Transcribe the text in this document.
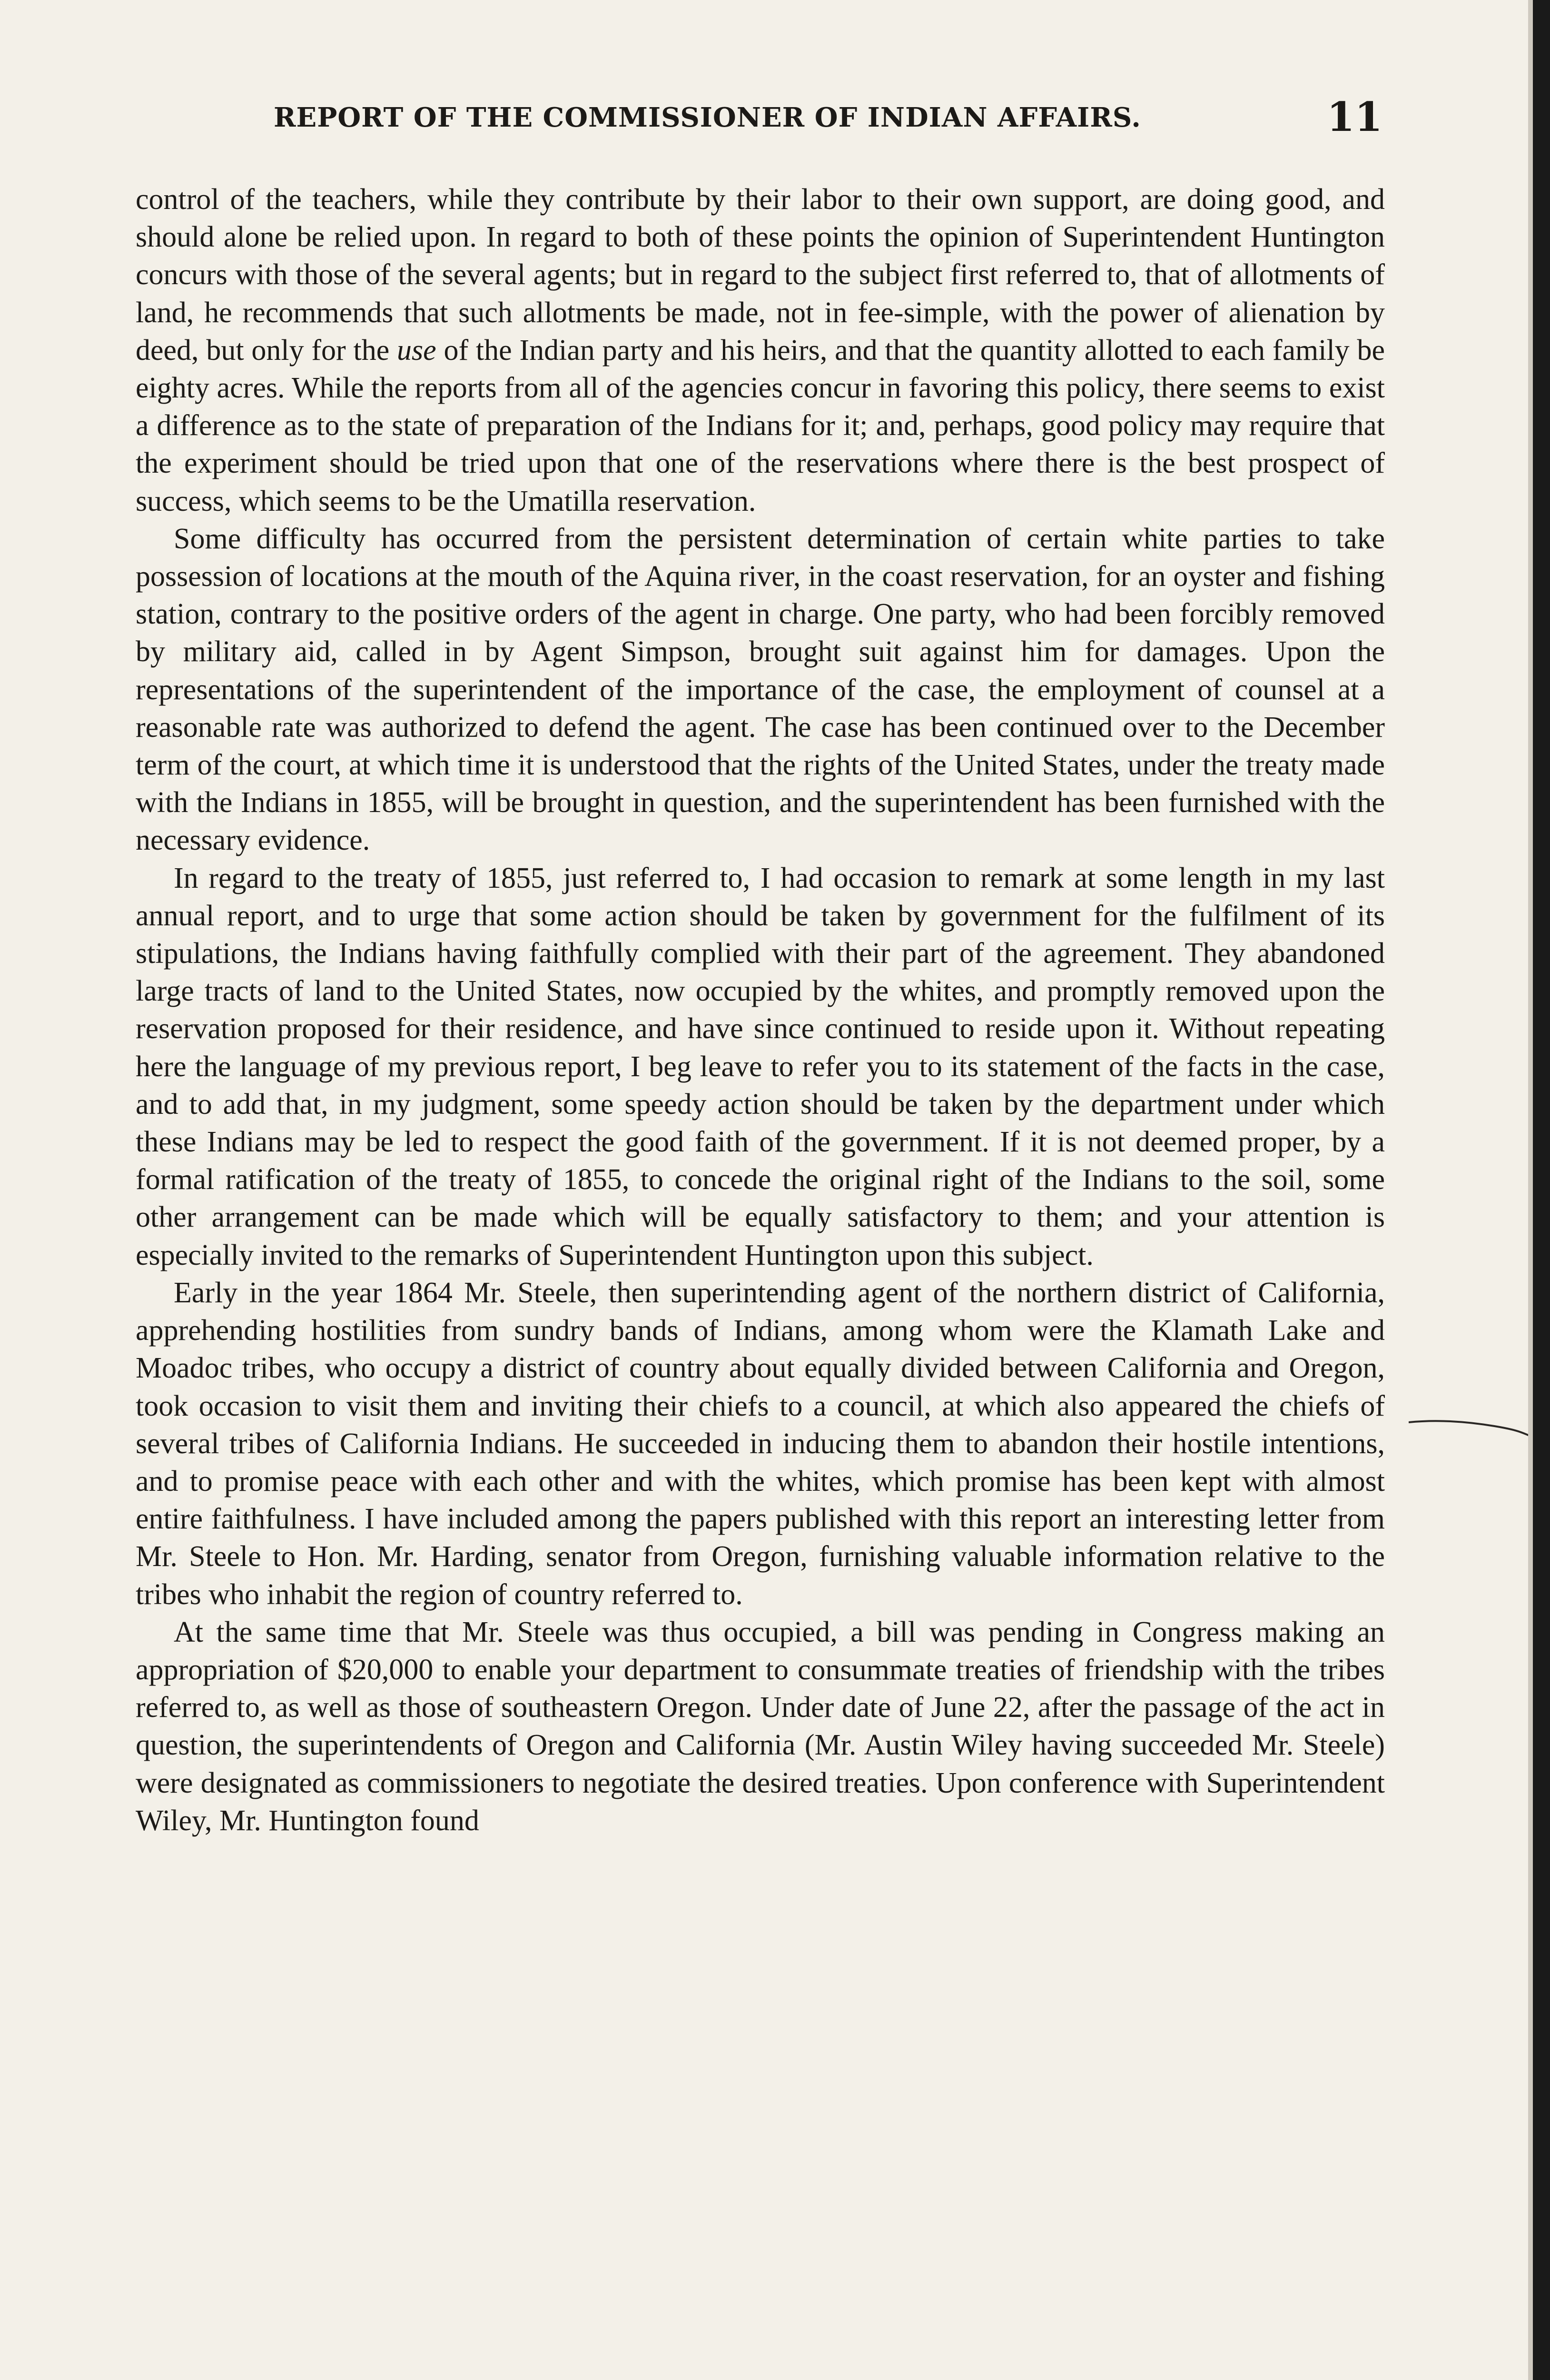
REPORT OF THE COMMISSIONER OF INDIAN AFFAIRS.	11

control of the teachers, while they contribute by their labor to their own support, are doing good, and should alone be relied upon. In regard to both of these points the opinion of Superintendent Huntington concurs with those of the several agents; but in regard to the subject first referred to, that of allotments of land, he recommends that such allotments be made, not in fee-simple, with the power of alienation by deed, but only for the use of the Indian party and his heirs, and that the quantity allotted to each family be eighty acres. While the reports from all of the agencies concur in favoring this policy, there seems to exist a difference as to the state of preparation of the Indians for it; and, perhaps, good policy may require that the experiment should be tried upon that one of the reservations where there is the best prospect of success, which seems to be the Umatilla reservation.

Some difficulty has occurred from the persistent determination of certain white parties to take possession of locations at the mouth of the Aquina river, in the coast reservation, for an oyster and fishing station, contrary to the positive orders of the agent in charge. One party, who had been forcibly removed by military aid, called in by Agent Simpson, brought suit against him for damages. Upon the representations of the superintendent of the importance of the case, the employment of counsel at a reasonable rate was authorized to defend the agent. The case has been continued over to the December term of the court, at which time it is understood that the rights of the United States, under the treaty made with the Indians in 1855, will be brought in question, and the superintendent has been furnished with the necessary evidence.

In regard to the treaty of 1855, just referred to, I had occasion to remark at some length in my last annual report, and to urge that some action should be taken by government for the fulfilment of its stipulations, the Indians having faithfully complied with their part of the agreement. They abandoned large tracts of land to the United States, now occupied by the whites, and promptly removed upon the reservation proposed for their residence, and have since continued to reside upon it. Without repeating here the language of my previous report, I beg leave to refer you to its statement of the facts in the case, and to add that, in my judgment, some speedy action should be taken by the department under which these Indians may be led to respect the good faith of the government. If it is not deemed proper, by a formal ratification of the treaty of 1855, to concede the original right of the Indians to the soil, some other arrangement can be made which will be equally satisfactory to them; and your attention is especially invited to the remarks of Superintendent Huntington upon this subject.

Early in the year 1864 Mr. Steele, then superintending agent of the northern district of California, apprehending hostilities from sundry bands of Indians, among whom were the Klamath Lake and Moadoc tribes, who occupy a district of country about equally divided between California and Oregon, took occasion to visit them and inviting their chiefs to a council, at which also appeared the chiefs of several tribes of California Indians. He succeeded in inducing them to abandon their hostile intentions, and to promise peace with each other and with the whites, which promise has been kept with almost entire faithfulness. I have included among the papers published with this report an interesting letter from Mr. Steele to Hon. Mr. Harding, senator from Oregon, furnishing valuable information relative to the tribes who inhabit the region of country referred to.

At the same time that Mr. Steele was thus occupied, a bill was pending in Congress making an appropriation of $20,000 to enable your department to consummate treaties of friendship with the tribes referred to, as well as those of southeastern Oregon. Under date of June 22, after the passage of the act in question, the superintendents of Oregon and California (Mr. Austin Wiley having succeeded Mr. Steele) were designated as commissioners to negotiate the desired treaties. Upon conference with Superintendent Wiley, Mr. Huntington found
